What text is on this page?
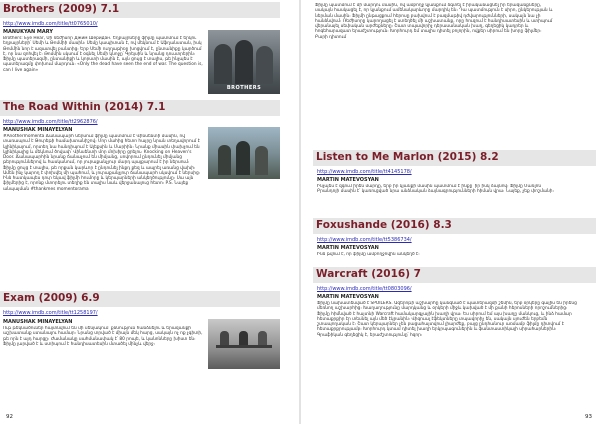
Brothers (2009) 7.1
http://www.imdb.com/title/tt0765010/
BROTHERS
MANUKYAN MARY
Brothers: Eye Hear, Սի ռեժիսոր Джим Шеридан. Եղբայրները ֆիլմը պատմում է երկու եղբայրների՝ Սեմի և Թոմմիի մասին։ Սեմը կապիտան է, ով մեկնում է Աֆղանստան, իսկ Թոմմին նոր է ազատվել բանտից։ Երբ Սեմի ուղղաթիռը խոցվում է, ընտանիքը կարծում է, որ նա զոհվել է։ Թոմմին սկսում է օգնել Սեմի կնոջը՝ Գրեյսին և նրանց դուստրերին։ Ֆիլմը պատերազմի, ընտանիքի և կորստի մասին է, այն ցույց է տալիս, թե ինչպես է պատերազմը փոխում մարդուն։ «Only the dead have seen the end of war. The question is, can I live again»
The Road Within (2014) 7.1
http://www.imdb.com/title/tt2962876/
MANUSHAK MINAYELYAN
#Anothermomenta Ճանապարհ ներսում ֆիլմը պատմում է Վինսենտի մասին, ով տառապում է Թուրեթի համախտանիշով։ Մոր մահից հետո հայրը նրան տեղավորում է կլինիկայում, որտեղ նա հանդիպում է Ալեքսին և Մարիին։ Նրանք միասին փախչում են կլինիկայից և մեկնում ծովափ՝ Վինսենտի մոր մոխիրը ցրելու։ Knocking on Heaven's Door. Ճանապարհին նրանք ճանաչում են միմյանց, սովորում ընդունել միմյանց թերություններով և հասկանում, որ յուրաքանչյուր մարդ պայքարում է իր ներսում։ Ֆիլմը ցույց է տալիս, թե որքան կարևոր է ընդունել ինքդ քեզ և ապրել առանց վախի։ Ամեն ինչ կարող է փոխվել մի պահում, և յուրաքանչյուր ճանապարհ սկսվում է ներսից։ Ինձ հատկապես դուր եկավ ֆիլմի հումորը և կերպարների անկեղծությունը։ Սա այն ֆիլմերից է, որոնք մտորելու տեղիք են տալիս նաև վերջանալուց հետո։ P.S. Նայեք անպայման #thankmes momentorama
Exam (2009) 6.9
http://www.imdb.com/title/tt1258197/
MANUSHAK MINAYELYAN
Ութ թեկնածուներ հայտնվում են մի սենյակում՝ քննություն հանձնելու և երազանքի աշխատանք ստանալու համար։ Նրանց տրված է միայն մեկ հարց, սակայն ոչ ոք չգիտի, թե որն է այդ հարցը։ Ժամանակը սահմանափակ է՝ 80 րոպե, և կանոնները խիստ են։ Ֆիլմը լարված է և ստիպում է հանդիսատեսին մտածել մինչև վերջ։
92
Ֆիլմը պատմում է մի մարդու մասին, ով ամբողջ կյանքում ձգտել է իրականացնել իր երազանքները, սակայն հասկացել է, որ կյանքում ամենակարևորը մարդիկ են։ Դա պատմություն է սիրո, ընկերության և ներման մասին։ Ֆիլմի ընթացքում հերոսը բախվում է բազմաթիվ դժվարությունների, սակայն նա չի հանձնվում։ Ռեժիսորը կարողացել է ստեղծել մի աշխատանք, որը հուզում է հանդիսատեսին և ստիպում վերանայել սեփական արժեքները։ Շատ տպավորիչ դերասանական խաղ, գեղեցիկ կադրեր և հոգեհարազատ երաժշտություն։ Խորհուրդ եմ տալիս դիտել բոլորին, ովքեր սիրում են խորը ֆիլմեր։ Բարի դիտում
Listen to Me Marlon (2015) 8.2
http://www.imdb.com/title/tt4145178/
MARTIN MATEVOSYAN
Ինչպես է զգում իրեն մարդը, երբ իր կյանքի մասին պատմում է ինքը՝ իր իսկ ձայնով։ Ֆիլմը Մառլոն Բրանդոյի մասին է՝ կառուցված նրա անձնական ձայնագրությունների հիման վրա։ Նայեք, չեք փոշմանի։
Foxushande (2016) 8.3
http://www.imdb.com/title/tt5386734/
MARTIN MATEVOSYAN
Ինձ թվում է, որ ֆիլմը ամբողջովին անկեղծ է։
Warcraft (2016) 7
http://www.imdb.com/title/tt0803096/
MARTIN MATEVOSYAN
Ֆիլմը նախատեսված է SPOILERS. Ազերոթի աշխարհը կանգնած է պատերազմի շեմին, երբ օրկերը գալիս են իրենց մեռնող աշխարհից։ Խաղաղությունը մարդկանց և օրկերի միջև կախված է մի քանի հերոսների որոշումներից։ Ֆիլմը հիմնված է հայտնի Warcraft համակարգչային խաղի վրա։ Ես սիրում եմ այս խաղը մանկուց, և ինձ համար հետաքրքիր էր տեսնել այն մեծ էկրանին։ Վիզուալ էֆեկտները տպավորիչ են, սակայն սյուժեն երբեմն շտապողական է։ Շատ կերպարներ չեն բացահայտվում լիարժեք, բայց ընդհանուր առմամբ ֆիլմը դիտվում է հետաքրքրությամբ։ Խորհուրդ կտամ դիտել խաղի երկրպագուներին և ֆանտաստիկայի սիրահարներին։ Գրաֆիկան գեղեցիկ է, երաժշտությունը՝ հզոր։
93
